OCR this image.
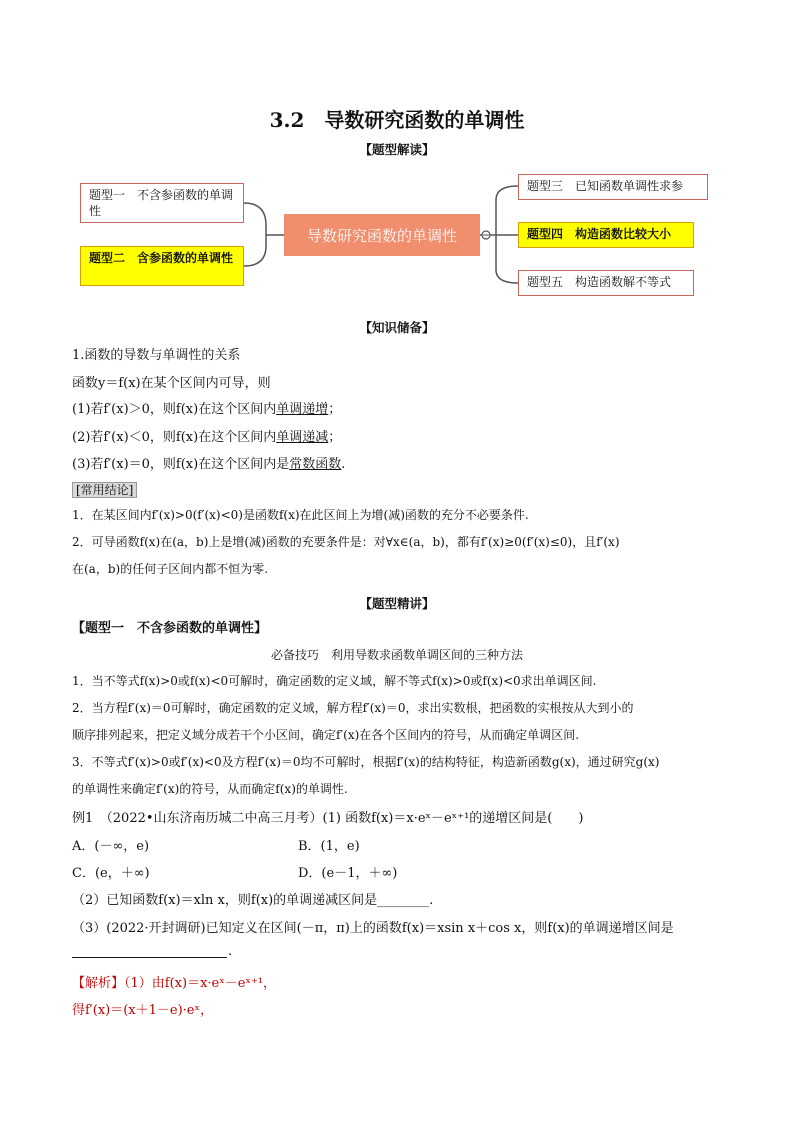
3.2　导数研究函数的单调性
【题型解读】
题型一　不含参函数的单调性
题型二　含参函数的单调性
导数研究函数的单调性
题型三　已知函数单调性求参
题型四　构造函数比较大小
题型五　构造函数解不等式
【知识储备】
1.函数的导数与单调性的关系
函数y＝f(x)在某个区间内可导，则
(1)若f′(x)＞0，则f(x)在这个区间内单调递增；
(2)若f′(x)＜0，则f(x)在这个区间内单调递减；
(3)若f′(x)＝0，则f(x)在这个区间内是常数函数.
[常用结论]
1．在某区间内f′(x)>0(f′(x)<0)是函数f(x)在此区间上为增(减)函数的充分不必要条件.
2．可导函数f(x)在(a，b)上是增(减)函数的充要条件是：对∀x∈(a，b)，都有f′(x)≥0(f′(x)≤0)，且f′(x)
在(a，b)的任何子区间内都不恒为零.
【题型精讲】
【题型一　不含参函数的单调性】
必备技巧　利用导数求函数单调区间的三种方法
1．当不等式f(x)>0或f(x)<0可解时，确定函数的定义域，解不等式f(x)>0或f(x)<0求出单调区间.
2．当方程f′(x)＝0可解时，确定函数的定义域，解方程f′(x)＝0，求出实数根，把函数的实根按从大到小的
顺序排列起来，把定义域分成若干个小区间，确定f′(x)在各个区间内的符号，从而确定单调区间.
3．不等式f′(x)>0或f′(x)<0及方程f′(x)＝0均不可解时，根据f′(x)的结构特征，构造新函数g(x)，通过研究g(x)
的单调性来确定f′(x)的符号，从而确定f(x)的单调性.
例1　（2022•山东济南历城二中高三月考）(1) 函数f(x)＝x·eˣ－eˣ⁺¹的递增区间是(　　)
A．(－∞，e)	B．(1，e)
C．(e，＋∞)	D．(e－1，＋∞)
（2）已知函数f(x)＝xln x，则f(x)的单调递减区间是________.
（3）(2022·开封调研)已知定义在区间(－π，π)上的函数f(x)＝xsin x＋cos x，则f(x)的单调递增区间是
.
【解析】（1）由f(x)＝x·eˣ－eˣ⁺¹，
得f′(x)＝(x＋1－e)·eˣ，
